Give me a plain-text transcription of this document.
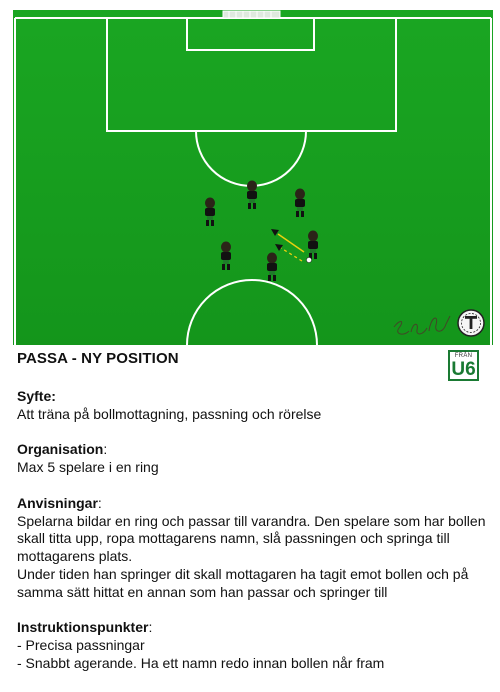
PASSA - NY POSITION	FRÅN
U6
Syfte:
Att träna på bollmottagning, passning och rörelse
Organisation:
Max 5 spelare i en ring
Anvisningar:

Spelarna bildar en ring och passar till varandra. Den spelare som har bollen skall titta upp, ropa mottagarens namn, slå passningen och springa till mottagarens plats.

Under tiden han springer dit skall mottagaren ha tagit emot bollen och på samma sätt hittat en annan som han passar och springer till

Instruktionspunkter:
- Precisa passningar
- Snabbt agerande. Ha ett namn redo innan bollen når fram
